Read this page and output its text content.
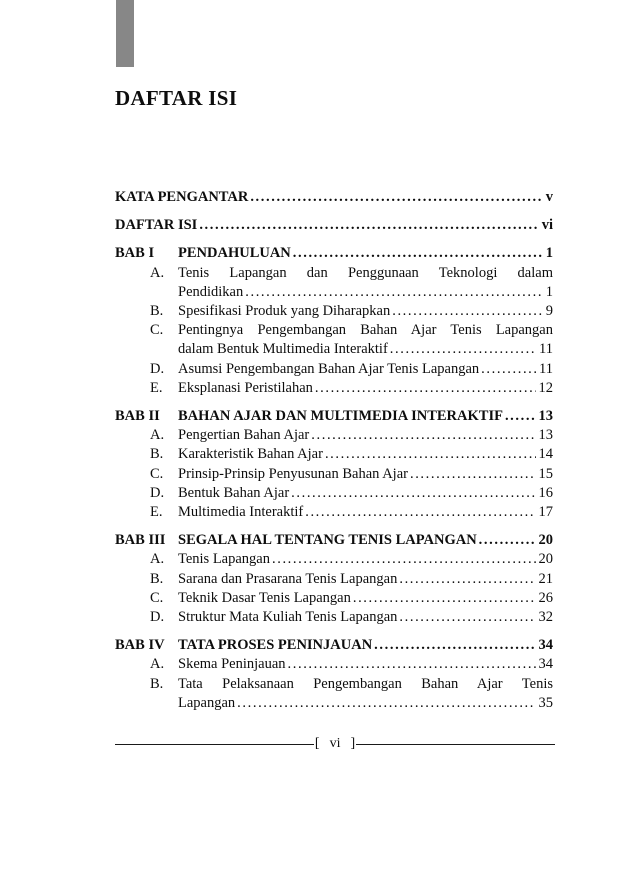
DAFTAR ISI
KATA PENGANTAR .....	v
DAFTAR ISI .....	vi
BAB I	PENDAHULUAN .....	1
A. Tenis Lapangan dan Penggunaan Teknologi dalam
Pendidikan .....	1
B.	Spesifikasi Produk yang Diharapkan .....	9
C.	Pentingnya Pengembangan Bahan Ajar Tenis Lapangan
dalam Bentuk Multimedia Interaktif .....	11
D. Asumsi Pengembangan Bahan Ajar Tenis Lapangan .....	11
E.	Eksplanasi Peristilahan .....	12
BAB II	BAHAN AJAR DAN MULTIMEDIA INTERAKTIF ..... 13
A. Pengertian Bahan Ajar .....	13
B.	Karakteristik Bahan Ajar .....	14
C.	Prinsip-Prinsip Penyusunan Bahan Ajar .....	15
D. Bentuk Bahan Ajar .....	16
E.	Multimedia Interaktif .....	17
BAB III SEGALA HAL TENTANG TENIS LAPANGAN .....	20
A. Tenis Lapangan .....	20
B.	Sarana dan Prasarana Tenis Lapangan .....	21
C.	Teknik Dasar Tenis Lapangan .....	26
D. Struktur Mata Kuliah Tenis Lapangan .....	32
BAB IV TATA PROSES PENINJAUAN .....	34
A. Skema Peninjauan .....	34
B.	Tata Pelaksanaan Pengembangan Bahan Ajar Tenis
Lapangan .....	35
[ vi ]
